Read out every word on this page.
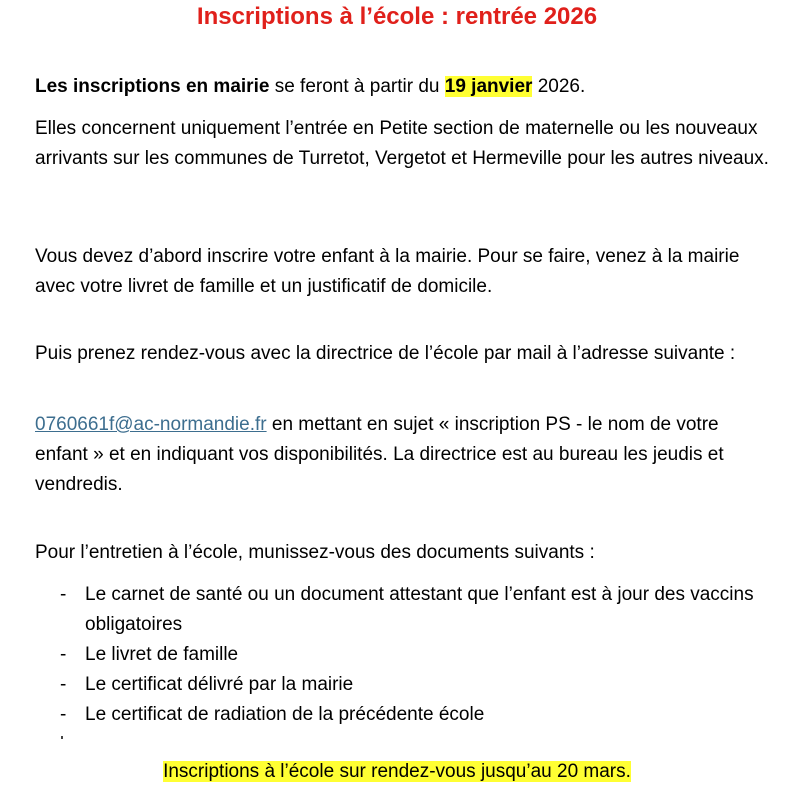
Inscriptions à l’école : rentrée 2026

Les inscriptions en mairie se feront à partir du 19 janvier 2026.

Elles concernent uniquement l’entrée en Petite section de maternelle ou les nouveaux arrivants sur les communes de Turretot, Vergetot et Hermeville pour les autres niveaux.

Vous devez d’abord inscrire votre enfant à la mairie. Pour se faire, venez à la mairie avec votre livret de famille et un justificatif de domicile.

Puis prenez rendez-vous avec la directrice de l’école par mail à l’adresse suivante :

0760661f@ac-normandie.fr en mettant en sujet « inscription PS - le nom de votre enfant » et en indiquant vos disponibilités. La directrice est au bureau les jeudis et vendredis.

Pour l’entretien à l’école, munissez-vous des documents suivants :

- Le carnet de santé ou un document attestant que l’enfant est à jour des vaccins obligatoires
- Le livret de famille
- Le certificat délivré par la mairie
- Le certificat de radiation de la précédente école

Inscriptions à l’école sur rendez-vous jusqu’au 20 mars.
